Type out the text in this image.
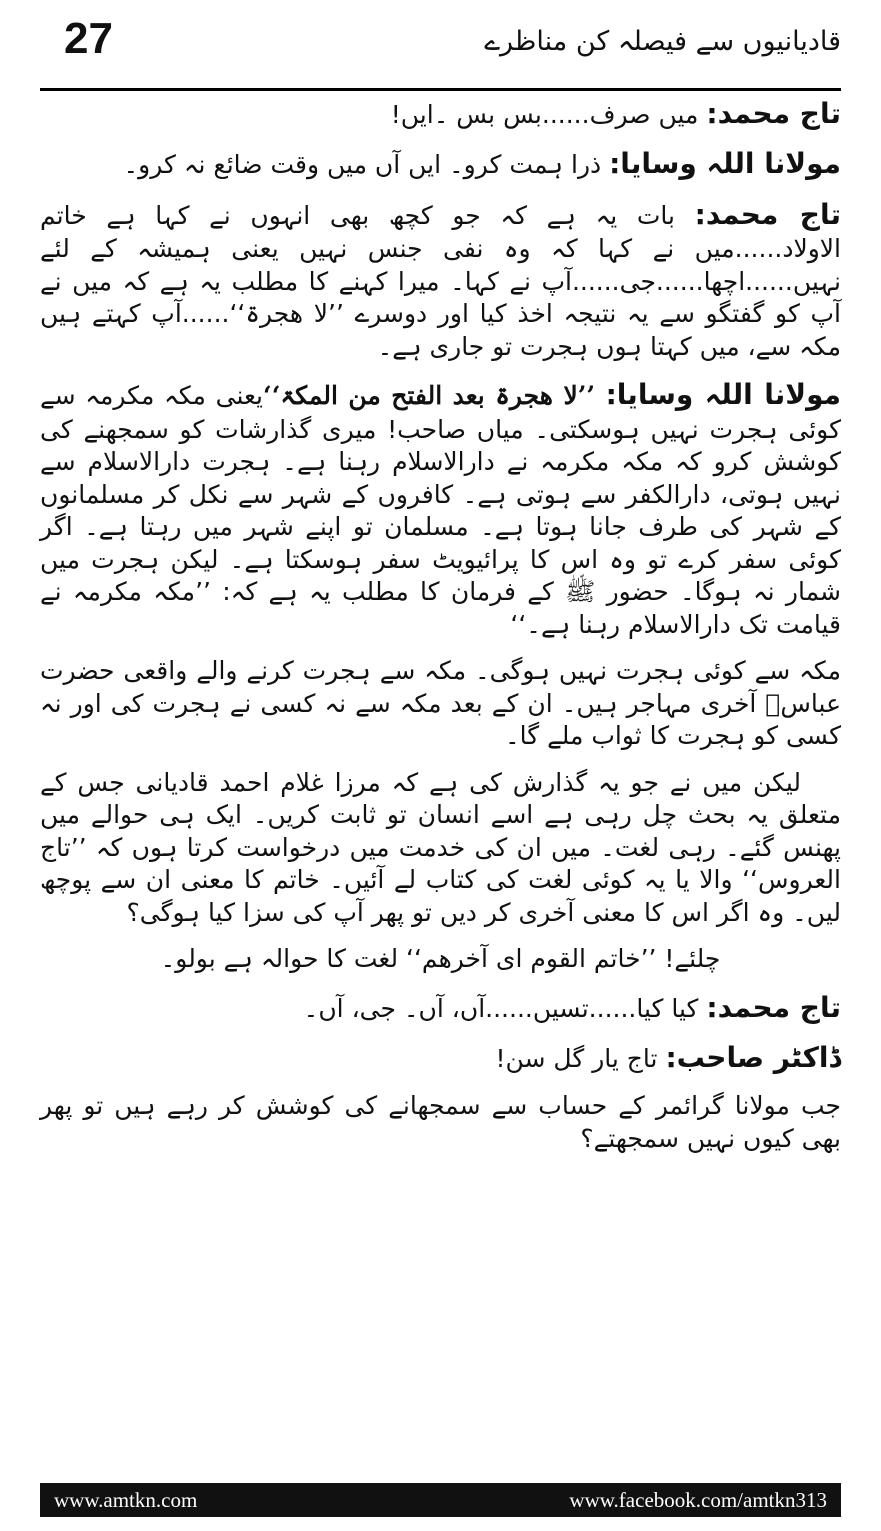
27	قادیانیوں سے فیصلہ کن مناظرے

تاج محمد: میں صرف......بس بس ۔ایں!

مولانا اللہ وسایا: ذرا ہمت کرو۔ ایں آں میں وقت ضائع نہ کرو۔

تاج محمد: بات یہ ہے کہ جو کچھ بھی انہوں نے کہا ہے خاتم الاولاد......میں نے کہا کہ وہ نفی جنس نہیں یعنی ہمیشہ کے لئے نہیں......اچھا......جی......آپ نے کہا۔ میرا کہنے کا مطلب یہ ہے کہ میں نے آپ کو گفتگو سے یہ نتیجہ اخذ کیا اور دوسرے ’’لا ھجرۃ‘‘......آپ کہتے ہیں مکہ سے، میں کہتا ہوں ہجرت تو جاری ہے۔

مولانا اللہ وسایا: ’’لا ھجرۃ بعد الفتح من المکۃ‘‘یعنی مکہ مکرمہ سے کوئی ہجرت نہیں ہوسکتی۔ میاں صاحب! میری گذارشات کو سمجھنے کی کوشش کرو کہ مکہ مکرمہ نے دارالاسلام رہنا ہے۔ ہجرت دارالاسلام سے نہیں ہوتی، دارالکفر سے ہوتی ہے۔ کافروں کے شہر سے نکل کر مسلمانوں کے شہر کی طرف جانا ہوتا ہے۔ مسلمان تو اپنے شہر میں رہتا ہے۔ اگر کوئی سفر کرے تو وہ اس کا پرائیویٹ سفر ہوسکتا ہے۔ لیکن ہجرت میں شمار نہ ہوگا۔ حضور ﷺ کے فرمان کا مطلب یہ ہے کہ: ’’مکہ مکرمہ نے قیامت تک دارالاسلام رہنا ہے۔‘‘

مکہ سے کوئی ہجرت نہیں ہوگی۔ مکہ سے ہجرت کرنے والے واقعی حضرت عباسؓ آخری مہاجر ہیں۔ ان کے بعد مکہ سے نہ کسی نے ہجرت کی اور نہ کسی کو ہجرت کا ثواب ملے گا۔

لیکن میں نے جو یہ گذارش کی ہے کہ مرزا غلام احمد قادیانی جس کے متعلق یہ بحث چل رہی ہے اسے انسان تو ثابت کریں۔ ایک ہی حوالے میں پھنس گئے۔ رہی لغت۔ میں ان کی خدمت میں درخواست کرتا ہوں کہ ’’تاج العروس‘‘ والا یا یہ کوئی لغت کی کتاب لے آئیں۔ خاتم کا معنی ان سے پوچھ لیں۔ وہ اگر اس کا معنی آخری کر دیں تو پھر آپ کی سزا کیا ہوگی؟

چلئے! ’’خاتم القوم ای آخرھم‘‘ لغت کا حوالہ ہے بولو۔

تاج محمد: کیا کیا......تسیں......آں، آں۔ جی، آں۔

ڈاکٹر صاحب: تاج یار گل سن!

جب مولانا گرائمر کے حساب سے سمجھانے کی کوشش کر رہے ہیں تو پھر بھی کیوں نہیں سمجھتے؟

www.amtkn.com	www.facebook.com/amtkn313
